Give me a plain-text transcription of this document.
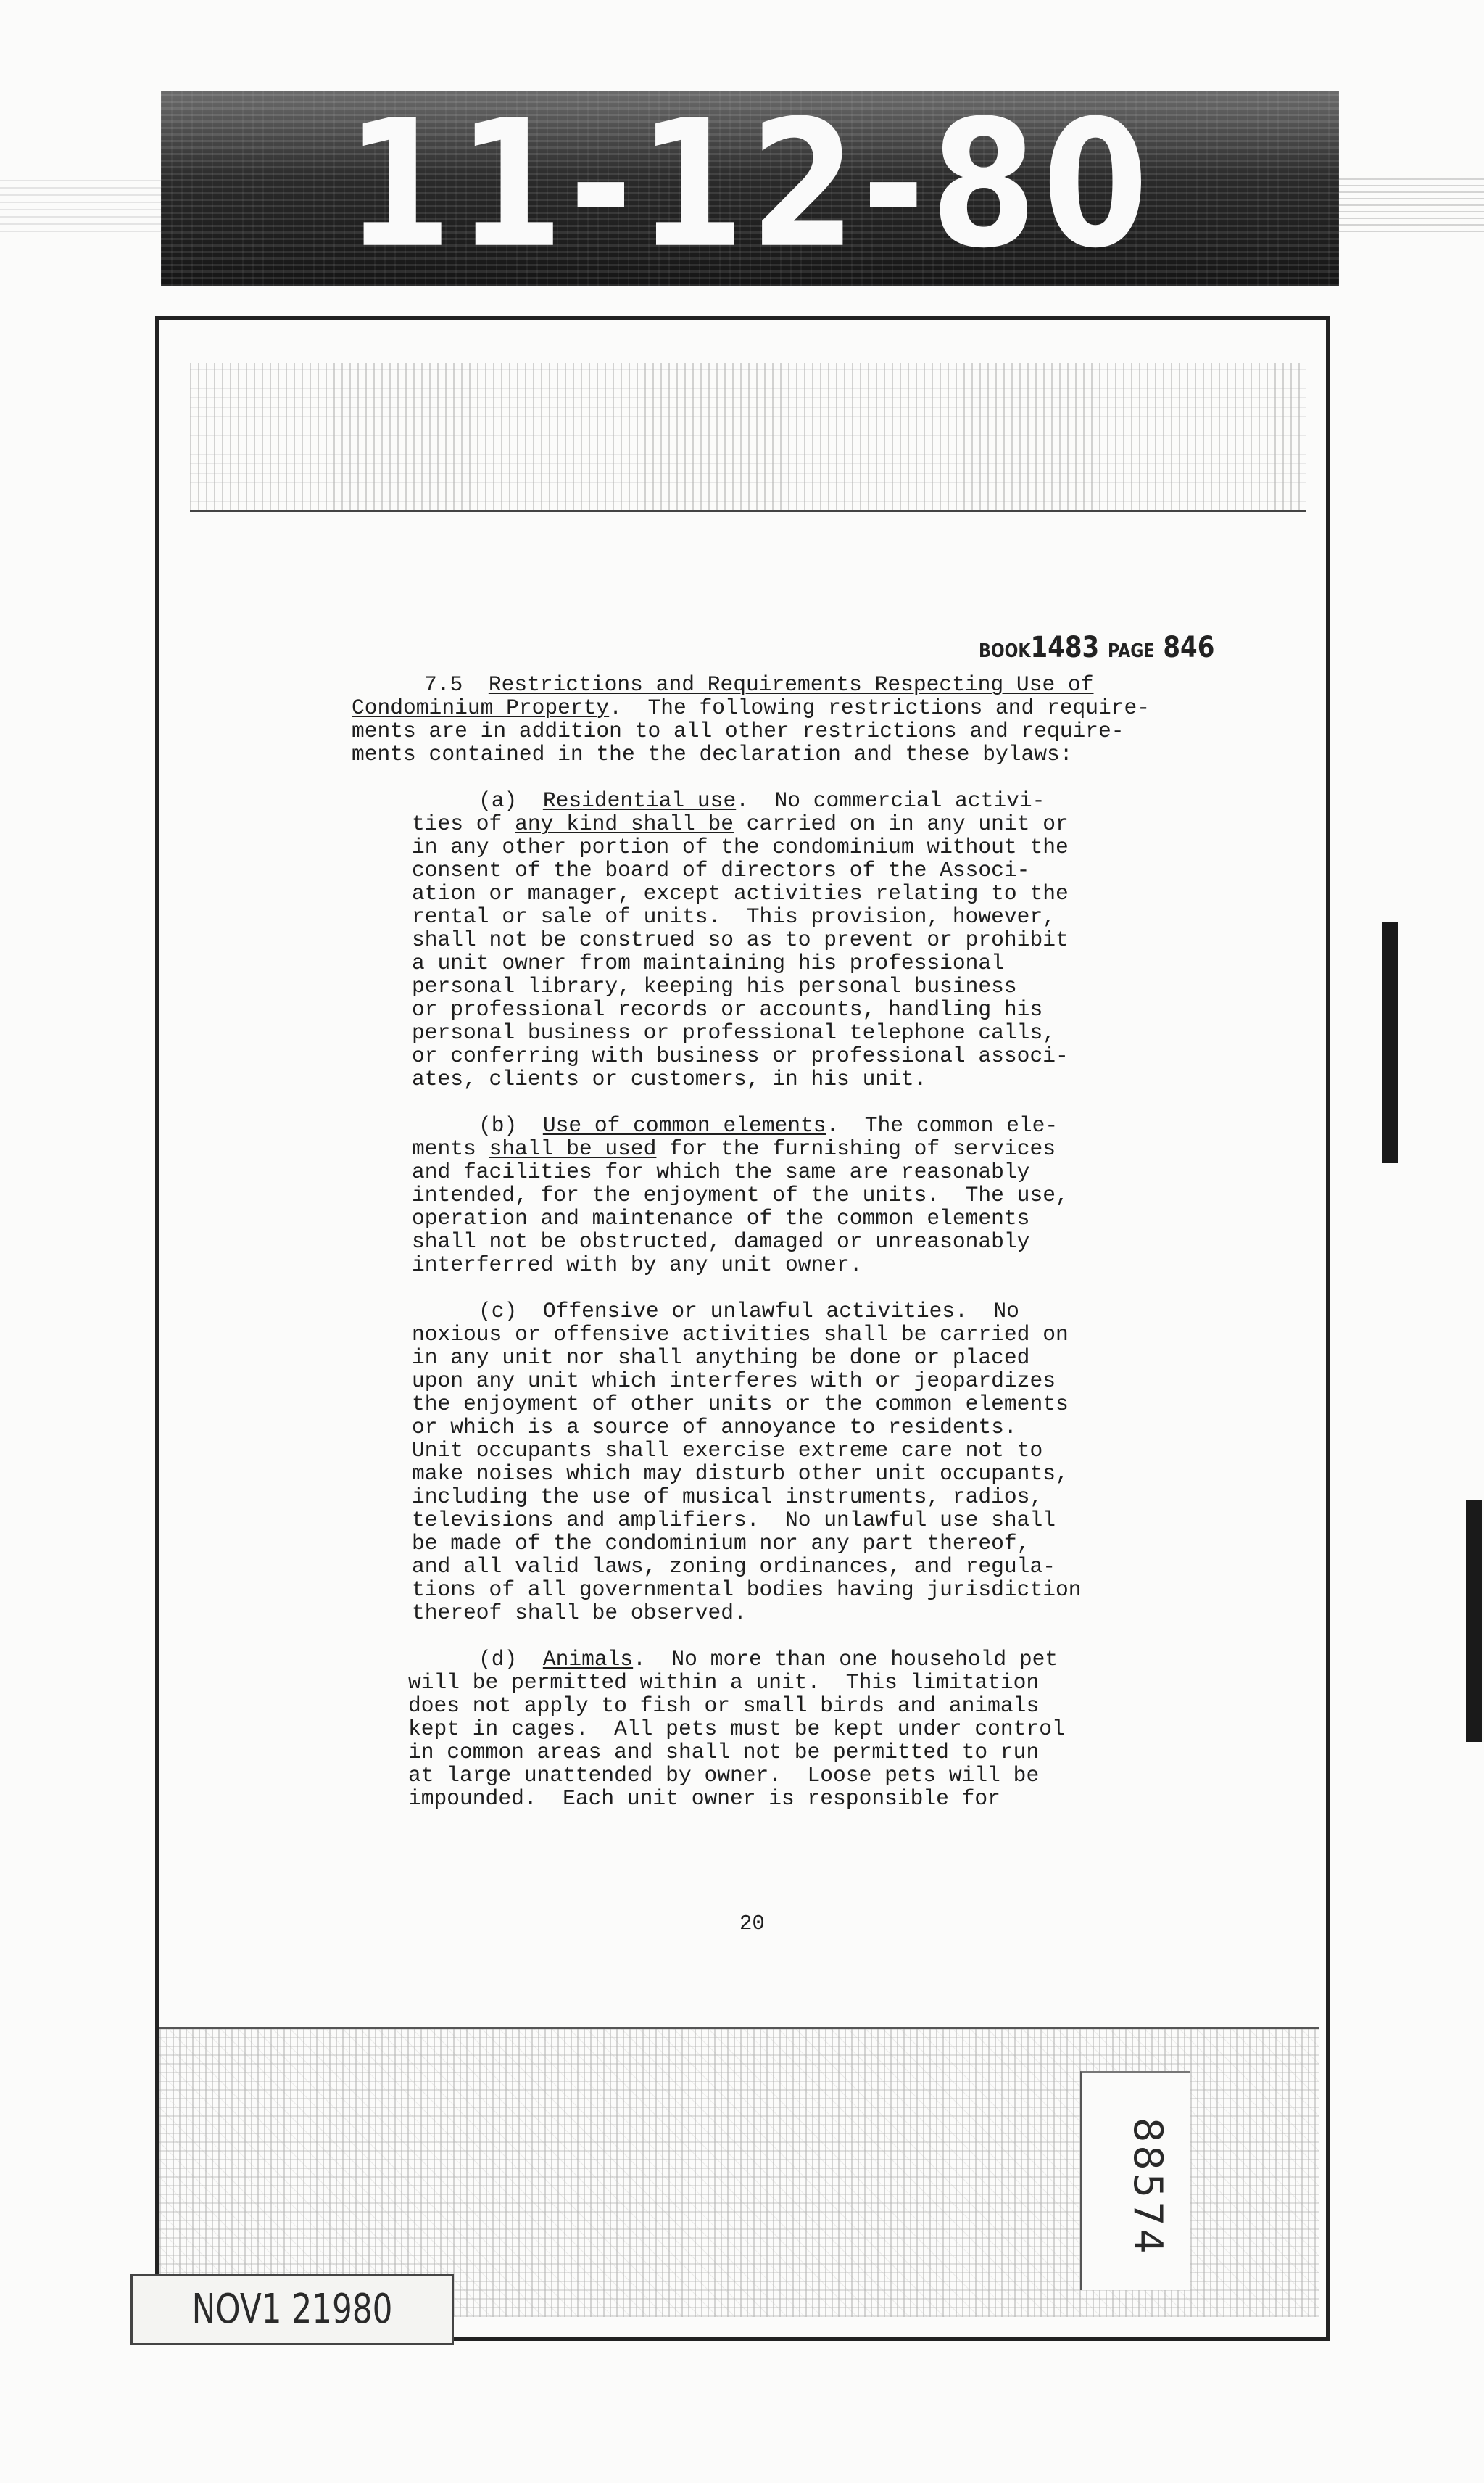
11-12-80
88574
NOV1 21980
BOOK1483 PAGE 846
7.5 Restrictions and Requirements Respecting Use of
Condominium Property.  The following restrictions and require-
ments are in addition to all other restrictions and require-
ments contained in the the declaration and these bylaws:
(a) Residential use.  No commercial activi-
ties of any kind shall be carried on in any unit or
in any other portion of the condominium without the
consent of the board of directors of the Associ-
ation or manager, except activities relating to the
rental or sale of units.  This provision, however,
shall not be construed so as to prevent or prohibit
a unit owner from maintaining his professional
personal library, keeping his personal business
or professional records or accounts, handling his
personal business or professional telephone calls,
or conferring with business or professional associ-
ates, clients or customers, in his unit.
(b) Use of common elements.  The common ele-
ments shall be used for the furnishing of services
and facilities for which the same are reasonably
intended, for the enjoyment of the units.  The use,
operation and maintenance of the common elements
shall not be obstructed, damaged or unreasonably
interferred with by any unit owner.
(c) Offensive or unlawful activities.  No
noxious or offensive activities shall be carried on
in any unit nor shall anything be done or placed
upon any unit which interferes with or jeopardizes
the enjoyment of other units or the common elements
or which is a source of annoyance to residents.
Unit occupants shall exercise extreme care not to
make noises which may disturb other unit occupants,
including the use of musical instruments, radios,
televisions and amplifiers.  No unlawful use shall
be made of the condominium nor any part thereof,
and all valid laws, zoning ordinances, and regula-
tions of all governmental bodies having jurisdiction
thereof shall be observed.
(d) Animals.  No more than one household pet
will be permitted within a unit.  This limitation
does not apply to fish or small birds and animals
kept in cages.  All pets must be kept under control
in common areas and shall not be permitted to run
at large unattended by owner.  Loose pets will be
impounded.  Each unit owner is responsible for
20
